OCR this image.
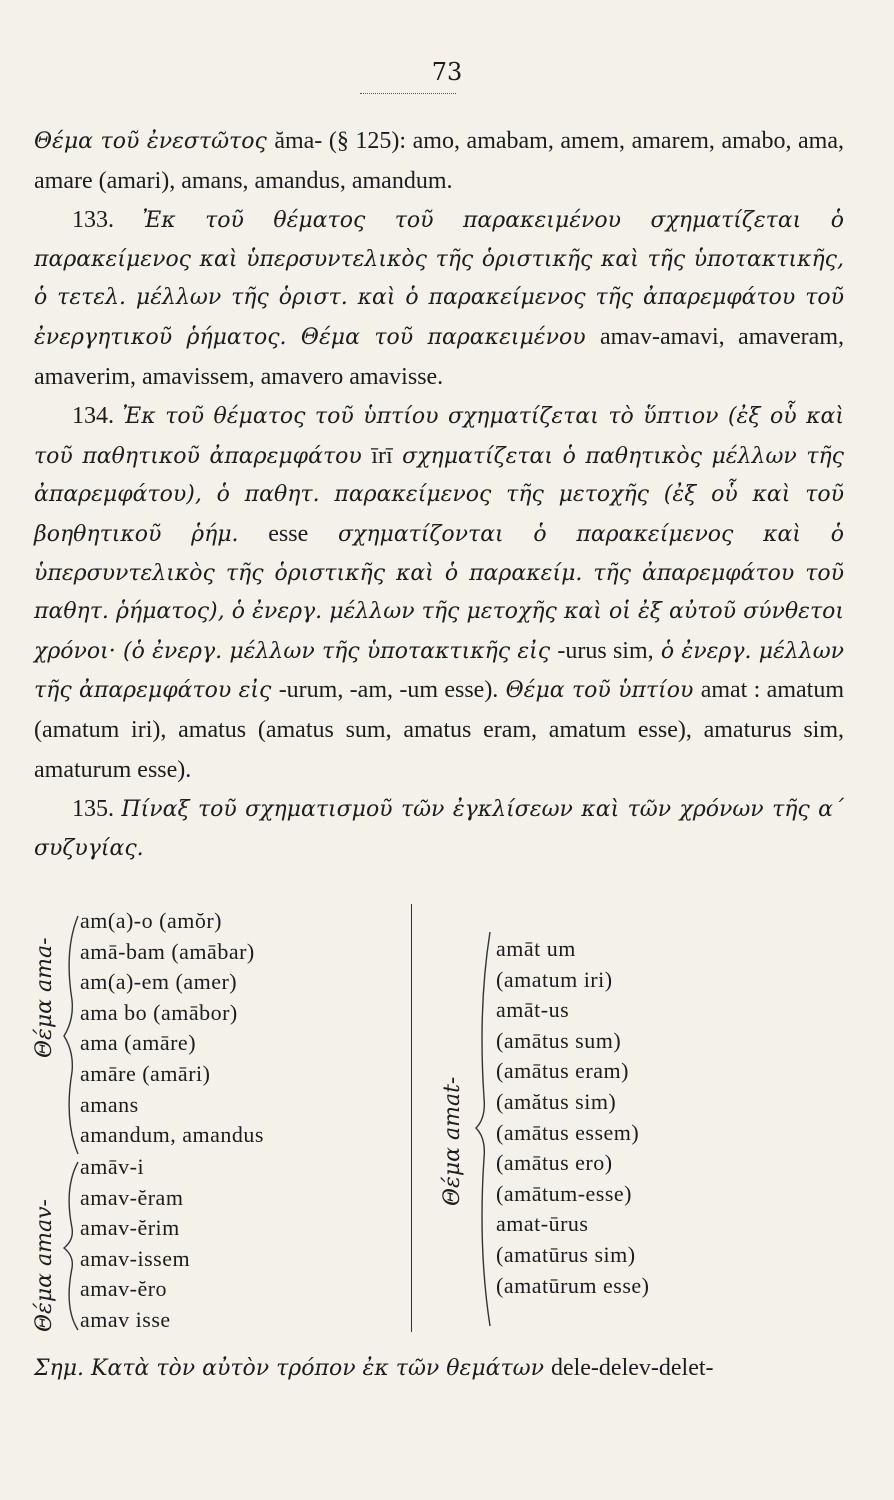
73

Θέμα τοῦ ἐνεστῶτος ăma- (§ 125): amo, amabam, amem, amarem, amabo, ama, amare (amari), amans, amandus, amandum.

133. Ἐκ τοῦ θέματος τοῦ παρακειμένου σχηματίζεται ὁ παρακείμενος καὶ ὑπερσυντελικὸς τῆς ὁριστικῆς καὶ τῆς ὑποτακτικῆς, ὁ τετελ. μέλλων τῆς ὁριστ. καὶ ὁ παρακείμενος τῆς ἀπαρεμφάτου τοῦ ἐνεργητικοῦ ῥήματος. Θέμα τοῦ παρακειμένου amav-amavi, amaveram, amaverim, amavissem, amavero amavisse.

134. Ἐκ τοῦ θέματος τοῦ ὑπτίου σχηματίζεται τὸ ὕπτιον (ἐξ οὗ καὶ τοῦ παθητικοῦ ἀπαρεμφάτου īrī σχηματίζεται ὁ παθητικὸς μέλλων τῆς ἀπαρεμφάτου), ὁ παθητ. παρακείμενος τῆς μετοχῆς (ἐξ οὗ καὶ τοῦ βοηθητικοῦ ῥήμ. esse σχηματίζονται ὁ παρακείμενος καὶ ὁ ὑπερσυντελικὸς τῆς ὁριστικῆς καὶ ὁ παρακείμ. τῆς ἀπαρεμφάτου τοῦ παθητ. ῥήματος), ὁ ἐνεργ. μέλλων τῆς μετοχῆς καὶ οἱ ἐξ αὐτοῦ σύνθετοι χρόνοι· (ὁ ἐνεργ. μέλλων τῆς ὑποτακτικῆς εἰς -urus sim, ὁ ἐνεργ. μέλλων τῆς ἀπαρεμφάτου εἰς -urum, -am, -um esse). Θέμα τοῦ ὑπτίου amat : amatum (amatum iri), amatus (amatus sum, amatus eram, amatum esse), amaturus sim, amaturum esse).

135. Πίναξ τοῦ σχηματισμοῦ τῶν ἐγκλίσεων καὶ τῶν χρόνων τῆς α΄ συζυγίας.

Θέμα ama-
Θέμα amav-
Θέμα amat-
am(a)-o (amŏr)
amā-bam (amābar)
am(a)-em (amer)
ama bo (amābor)
ama (amāre)
amāre (amāri)
amans
amandum, amandus
amāv-i
amav-ĕram
amav-ĕrim
amav-issem
amav-ĕro
amav isse
amāt um
(amatum iri)
amāt-us
(amātus sum)
(amātus eram)
(amătus sim)
(amātus essem)
(amātus ero)
(amātum-esse)
amat-ūrus
(amatūrus sim)
(amatūrum esse)
Σημ. Κατὰ τὸν αὐτὸν τρόπον ἐκ τῶν θεμάτων dele-delev-delet-
